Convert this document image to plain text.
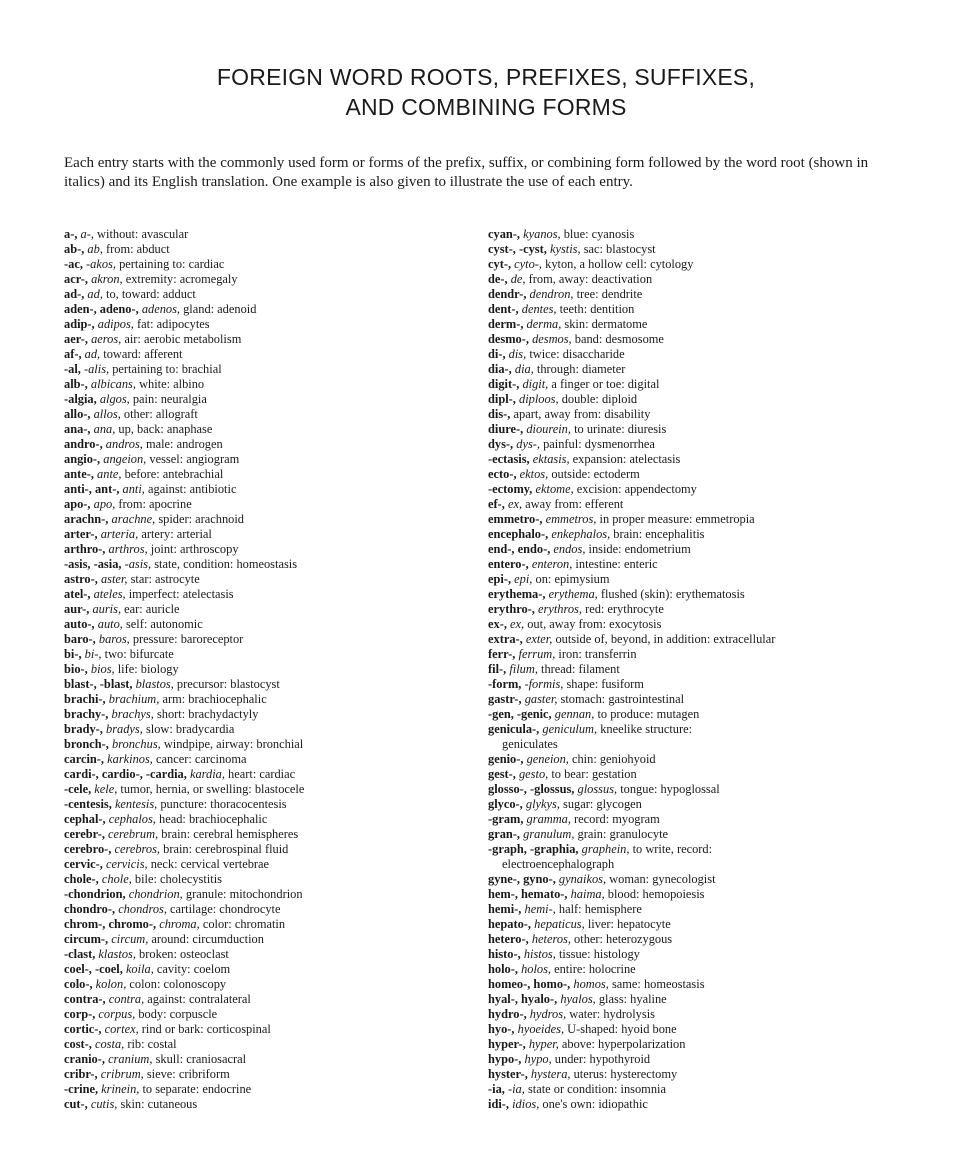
FOREIGN WORD ROOTS, PREFIXES, SUFFIXES,
AND COMBINING FORMS
Each entry starts with the commonly used form or forms of the prefix, suffix, or combining form followed by the word root (shown in italics) and its English translation. One example is also given to illustrate the use of each entry.
a-, a-, without: avascular
ab-, ab, from: abduct
-ac, -akos, pertaining to: cardiac
acr-, akron, extremity: acromegaly
ad-, ad, to, toward: adduct
aden-, adeno-, adenos, gland: adenoid
adip-, adipos, fat: adipocytes
aer-, aeros, air: aerobic metabolism
af-, ad, toward: afferent
-al, -alis, pertaining to: brachial
alb-, albicans, white: albino
-algia, algos, pain: neuralgia
allo-, allos, other: allograft
ana-, ana, up, back: anaphase
andro-, andros, male: androgen
angio-, angeion, vessel: angiogram
ante-, ante, before: antebrachial
anti-, ant-, anti, against: antibiotic
apo-, apo, from: apocrine
arachn-, arachne, spider: arachnoid
arter-, arteria, artery: arterial
arthro-, arthros, joint: arthroscopy
-asis, -asia, -asis, state, condition: homeostasis
astro-, aster, star: astrocyte
atel-, ateles, imperfect: atelectasis
aur-, auris, ear: auricle
auto-, auto, self: autonomic
baro-, baros, pressure: baroreceptor
bi-, bi-, two: bifurcate
bio-, bios, life: biology
blast-, -blast, blastos, precursor: blastocyst
brachi-, brachium, arm: brachiocephalic
brachy-, brachys, short: brachydactyly
brady-, bradys, slow: bradycardia
bronch-, bronchus, windpipe, airway: bronchial
carcin-, karkinos, cancer: carcinoma
cardi-, cardio-, -cardia, kardia, heart: cardiac
-cele, kele, tumor, hernia, or swelling: blastocele
-centesis, kentesis, puncture: thoracocentesis
cephal-, cephalos, head: brachiocephalic
cerebr-, cerebrum, brain: cerebral hemispheres
cerebro-, cerebros, brain: cerebrospinal fluid
cervic-, cervicis, neck: cervical vertebrae
chole-, chole, bile: cholecystitis
-chondrion, chondrion, granule: mitochondrion
chondro-, chondros, cartilage: chondrocyte
chrom-, chromo-, chroma, color: chromatin
circum-, circum, around: circumduction
-clast, klastos, broken: osteoclast
coel-, -coel, koila, cavity: coelom
colo-, kolon, colon: colonoscopy
contra-, contra, against: contralateral
corp-, corpus, body: corpuscle
cortic-, cortex, rind or bark: corticospinal
cost-, costa, rib: costal
cranio-, cranium, skull: craniosacral
cribr-, cribrum, sieve: cribriform
-crine, krinein, to separate: endocrine
cut-, cutis, skin: cutaneous
cyan-, kyanos, blue: cyanosis
cyst-, -cyst, kystis, sac: blastocyst
cyt-, cyto-, kyton, a hollow cell: cytology
de-, de, from, away: deactivation
dendr-, dendron, tree: dendrite
dent-, dentes, teeth: dentition
derm-, derma, skin: dermatome
desmo-, desmos, band: desmosome
di-, dis, twice: disaccharide
dia-, dia, through: diameter
digit-, digit, a finger or toe: digital
dipl-, diploos, double: diploid
dis-, apart, away from: disability
diure-, diourein, to urinate: diuresis
dys-, dys-, painful: dysmenorrhea
-ectasis, ektasis, expansion: atelectasis
ecto-, ektos, outside: ectoderm
-ectomy, ektome, excision: appendectomy
ef-, ex, away from: efferent
emmetro-, emmetros, in proper measure: emmetropia
encephalo-, enkephalos, brain: encephalitis
end-, endo-, endos, inside: endometrium
entero-, enteron, intestine: enteric
epi-, epi, on: epimysium
erythema-, erythema, flushed (skin): erythematosis
erythro-, erythros, red: erythrocyte
ex-, ex, out, away from: exocytosis
extra-, exter, outside of, beyond, in addition: extracellular
ferr-, ferrum, iron: transferrin
fil-, filum, thread: filament
-form, -formis, shape: fusiform
gastr-, gaster, stomach: gastrointestinal
-gen, -genic, gennan, to produce: mutagen
genicula-, geniculum, kneelike structure:
geniculates
genio-, geneion, chin: geniohyoid
gest-, gesto, to bear: gestation
glosso-, -glossus, glossus, tongue: hypoglossal
glyco-, glykys, sugar: glycogen
-gram, gramma, record: myogram
gran-, granulum, grain: granulocyte
-graph, -graphia, graphein, to write, record:
electroencephalograph
gyne-, gyno-, gynaikos, woman: gynecologist
hem-, hemato-, haima, blood: hemopoiesis
hemi-, hemi-, half: hemisphere
hepato-, hepaticus, liver: hepatocyte
hetero-, heteros, other: heterozygous
histo-, histos, tissue: histology
holo-, holos, entire: holocrine
homeo-, homo-, homos, same: homeostasis
hyal-, hyalo-, hyalos, glass: hyaline
hydro-, hydros, water: hydrolysis
hyo-, hyoeides, U-shaped: hyoid bone
hyper-, hyper, above: hyperpolarization
hypo-, hypo, under: hypothyroid
hyster-, hystera, uterus: hysterectomy
-ia, -ia, state or condition: insomnia
idi-, idios, one's own: idiopathic
